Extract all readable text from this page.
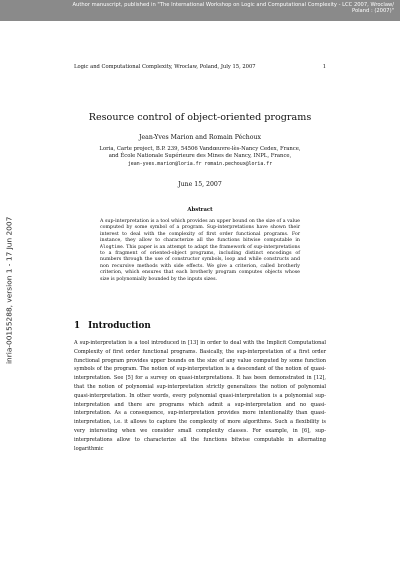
Author manuscript, published in "The International Workshop on Logic and Computational Complexity - LCC 2007, Wroclaw/ Poland : (2007)"
inria-00155288, version 1 - 17 Jun 2007
Logic and Computational Complexity, Wroclaw, Poland, July 15, 2007	1
Resource control of object-oriented programs
Jean-Yves Marion and Romain Péchoux
Loria, Carte project, B.P. 239, 54506 Vandœuvre-lès-Nancy Cedex, France,
and École Nationale Supérieure des Mines de Nancy, INPL, France,
jean-yves.marion@loria.fr romain.pechoux@loria.fr
June 15, 2007
Abstract
A sup-interpretation is a tool which provides an upper bound on the size of a value computed by some symbol of a program. Sup-interpretations have shown their interest to deal with the complexity of first order functional programs. For instance, they allow to characterize all the functions bitwise computable in Alogtime. This paper is an attempt to adapt the framework of sup-interpretations to a fragment of oriented-object programs, including distinct encodings of numbers through the use of constructor symbols, loop and while constructs and non recursive methods with side effects. We give a criterion, called brotherly criterion, which ensures that each brotherly program computes objects whose size is polynomially bounded by the inputs sizes.
1 Introduction
A sup-interpretation is a tool introduced in [13] in order to deal with the Implicit Computational Complexity of first order functional programs. Basically, the sup-interpretation of a first order functional program provides upper bounds on the size of any value computed by some function symbols of the program. The notion of sup-interpretation is a descendant of the notion of quasi-interpretation. See [5] for a survey on quasi-interpretations. It has been demonstrated in [12], that the notion of polynomial sup-interpretation strictly generalizes the notion of polynomial quasi-interpretation. In other words, every polynomial quasi-interpretation is a polynomial sup-interpretation and there are programs which admit a sup-interpretation and no quasi-interpretation. As a consequence, sup-interpretation provides more intentionality than quasi-interpretation, i.e. it allows to capture the complexity of more algorithms. Such a flexibility is very interesting when we consider small complexity classes. For example, in [6], sup-interpretations allow to characterize all the functions bitwise computable in alternating logarithmic
